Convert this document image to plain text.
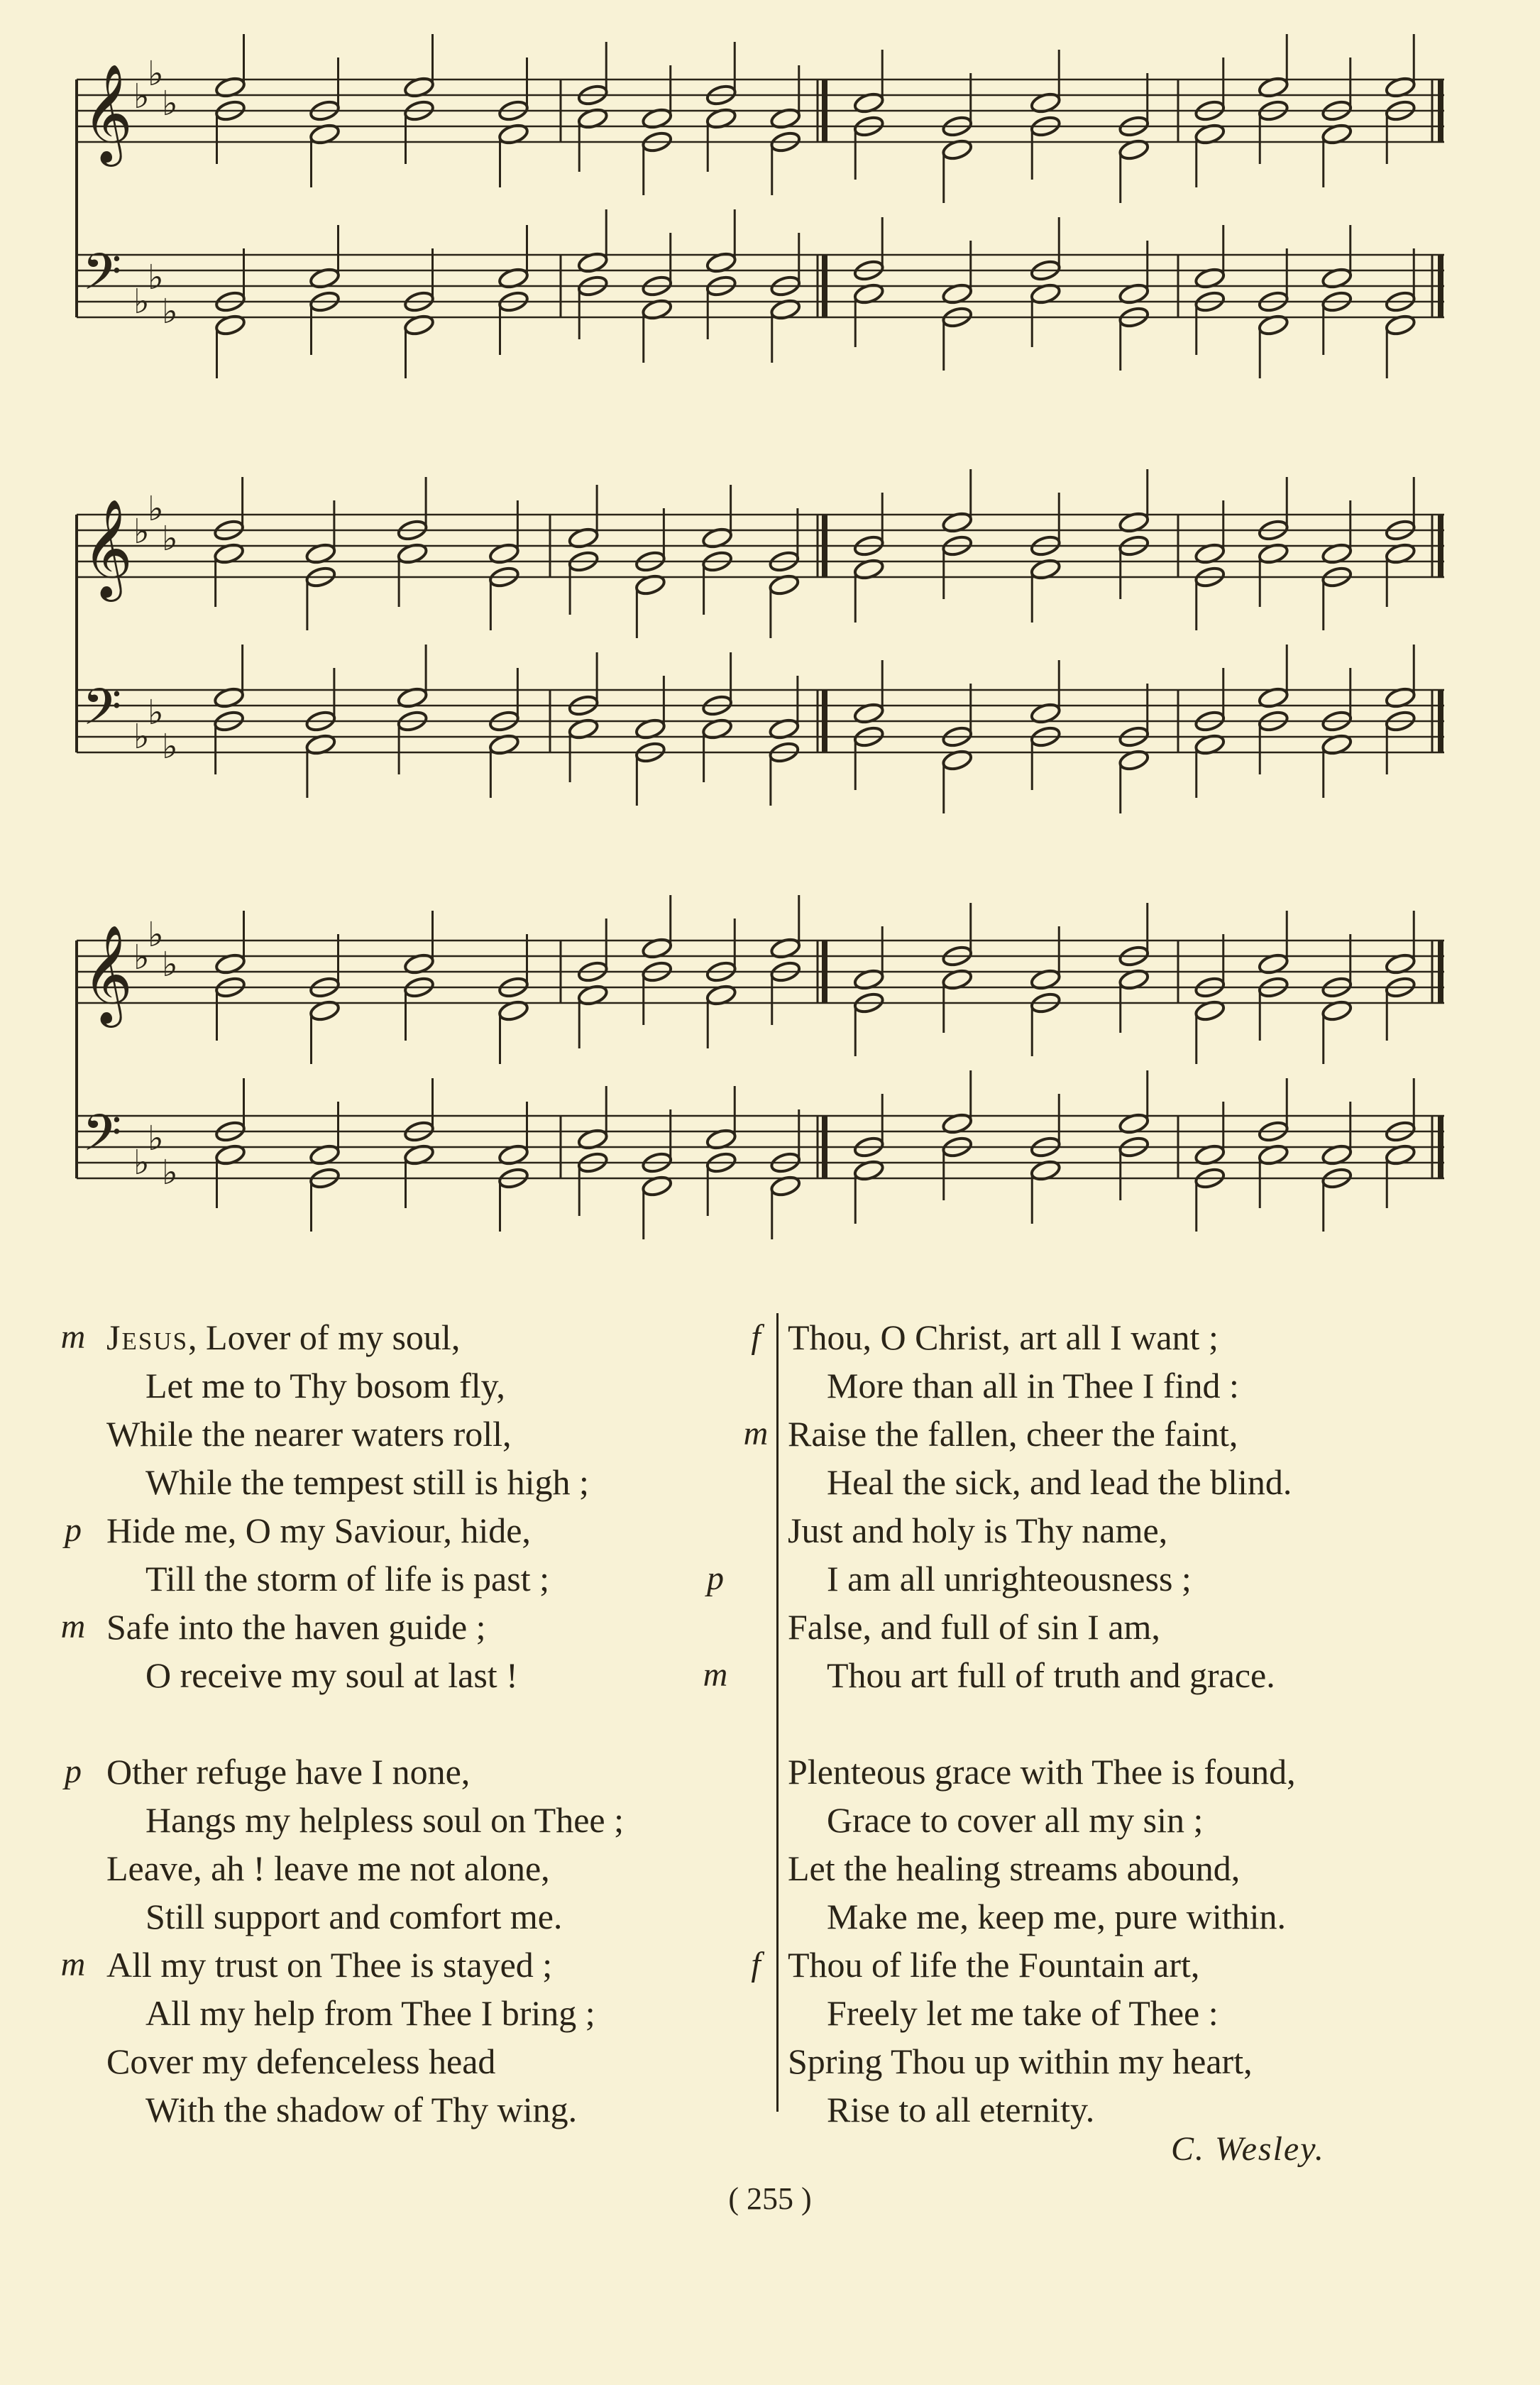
𝄞 ♭
♭
♭
𝄢 ♭
♭
♭
𝄞 ♭
♭
♭
𝄢 ♭
♭
♭
𝄞 ♭
♭
♭
𝄢 ♭
♭
♭
m Jesus, Lover of my soul,
Let me to Thy bosom fly,
While the nearer waters roll,
While the tempest still is high ;
p Hide me, O my Saviour, hide,
Till the storm of life is past ;
m Safe into the haven guide ;
O receive my soul at last !
p Other refuge have I none,
Hangs my helpless soul on Thee ;
Leave, ah ! leave me not alone,
Still support and comfort me.
m All my trust on Thee is stayed ;
All my help from Thee I bring ;
Cover my defenceless head
With the shadow of Thy wing.
f Thou, O Christ, art all I want ;
More than all in Thee I find :
m Raise the fallen, cheer the faint,
Heal the sick, and lead the blind.
Just and holy is Thy name,
p	I am all unrighteousness ;
False, and full of sin I am,
m	Thou art full of truth and grace.
Plenteous grace with Thee is found,
Grace to cover all my sin ;
Let the healing streams abound,
Make me, keep me, pure within.
f Thou of life the Fountain art,
Freely let me take of Thee :
Spring Thou up within my heart,
Rise to all eternity.
C. Wesley.
( 255 )
